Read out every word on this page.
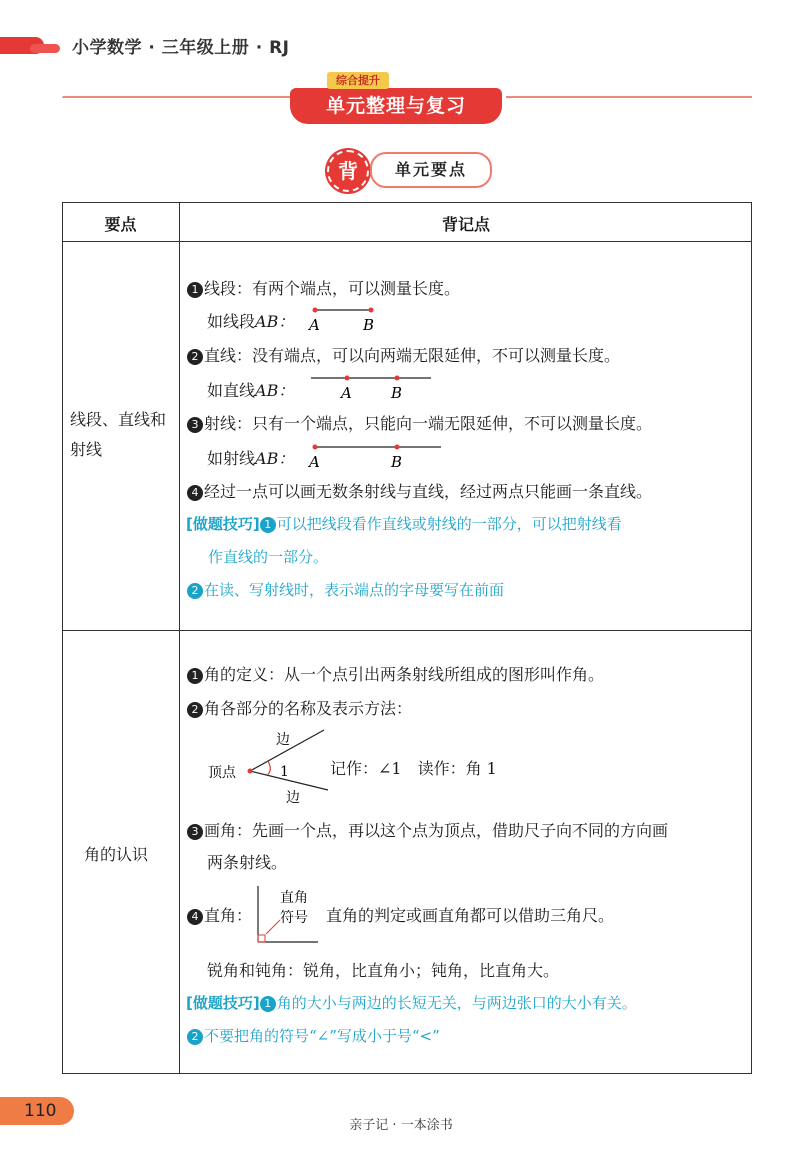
小学数学 · 三年级上册 · RJ
单元整理与复习
综合提升
背	单元要点
要点	背记点
线段、直线和
射线
1 线段：有两个端点，可以测量长度。
如线段AB： A	B
2 直线：没有端点，可以向两端无限延伸，不可以测量长度。
如直线AB：	A	B
3 射线：只有一个端点，只能向一端无限延伸，不可以测量长度。
如射线AB： A	B
4 经过一点可以画无数条射线与直线，经过两点只能画一条直线。
[做题技巧] 1 可以把线段看作直线或射线的一部分，可以把射线看
作直线的一部分。
2 在读、写射线时，表示端点的字母要写在前面
角的认识
1 角的定义：从一个点引出两条射线所组成的图形叫作角。
2 角各部分的名称及表示方法：
边
边
顶点	1	记作：∠1　读作：角 1
3 画角：先画一个点，再以这个点为顶点，借助尺子向不同的方向画
两条射线。
4 直角：
直角
符号 直角的判定或画直角都可以借助三角尺。
锐角和钝角：锐角，比直角小；钝角，比直角大。
[做题技巧] 1 角的大小与两边的长短无关，与两边张口的大小有关。
2 不要把角的符号“∠”写成小于号“<”
110
亲子记 · 一本涂书
